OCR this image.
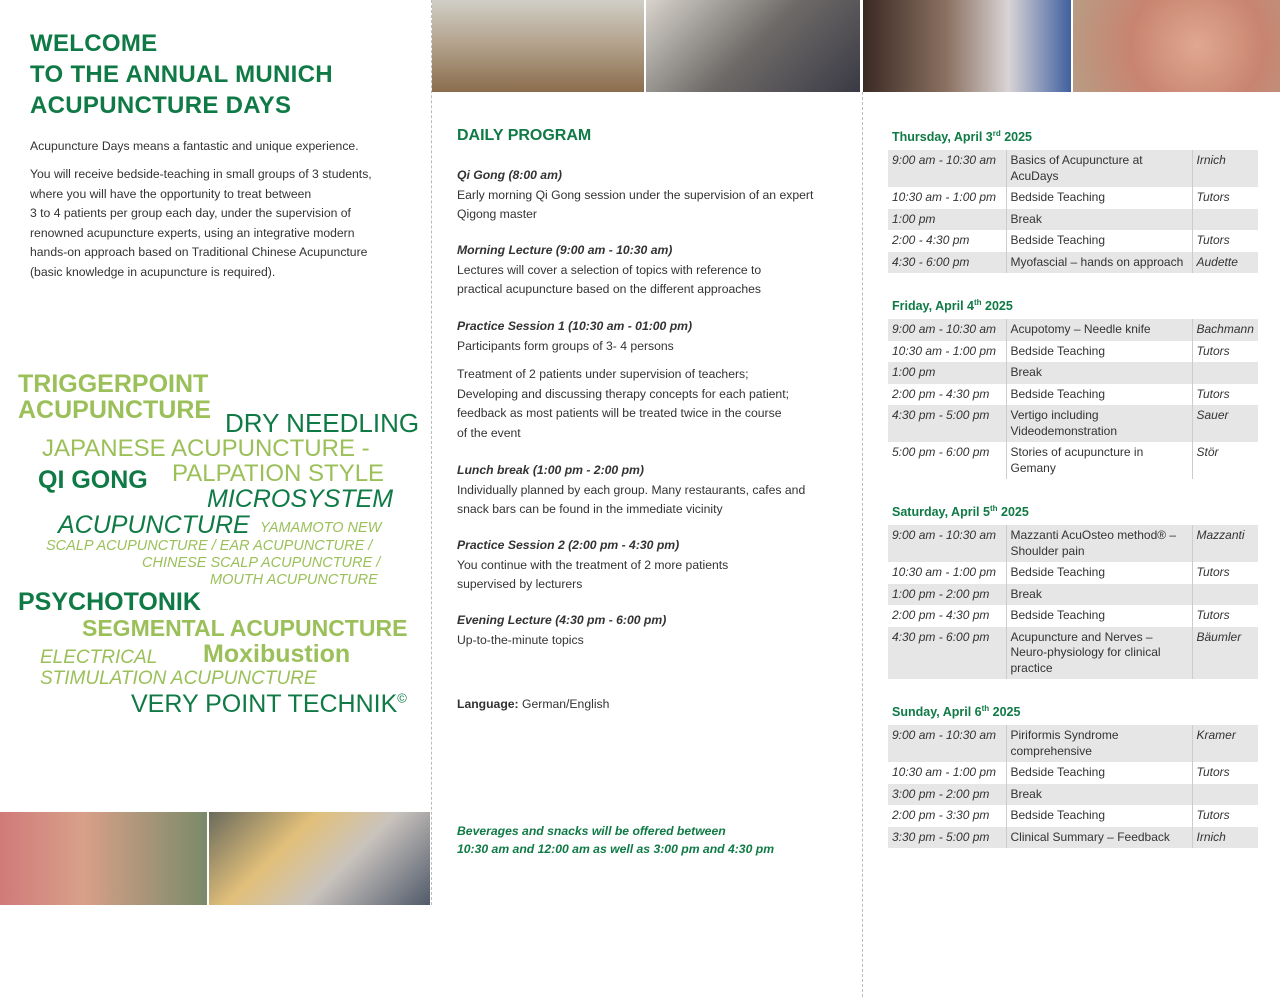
WELCOME
TO THE ANNUAL MUNICH
ACUPUNCTURE DAYS
Acupuncture Days means a fantastic and unique experience.
You will receive bedside-teaching in small groups of 3 students,
where you will have the opportunity to treat between
3 to 4 patients per group each day, under the supervision of
renowned acupuncture experts, using an integrative modern
hands-on approach based on Traditional Chinese Acupuncture
(basic knowledge in acupuncture is required).
TRIGGERPOINT
ACUPUNCTURE DRY NEEDLING
JAPANESE ACUPUNCTURE -
PALPATION STYLE
QI GONG
MICROSYSTEM
ACUPUNCTURE YAMAMOTO NEW
SCALP ACUPUNCTURE / EAR ACUPUNCTURE /
CHINESE SCALP ACUPUNCTURE /
MOUTH ACUPUNCTURE
PSYCHOTONIK
SEGMENTAL ACUPUNCTURE
Moxibustion
ELECTRICAL
STIMULATION ACUPUNCTURE
VERY POINT TECHNIK©
DAILY PROGRAM
Qi Gong (8:00 am)
Early morning Qi Gong session under the supervision of an expert
Qigong master
Morning Lecture (9:00 am - 10:30 am)
Lectures will cover a selection of topics with reference to
practical acupuncture based on the different approaches
Practice Session 1 (10:30 am - 01:00 pm)
Participants form groups of 3- 4 persons
Treatment of 2 patients under supervision of teachers;
Developing and discussing therapy concepts for each patient;
feedback as most patients will be treated twice in the course
of the event
Lunch break (1:00 pm - 2:00 pm)
Individually planned by each group. Many restaurants, cafes and
snack bars can be found in the immediate vicinity
Practice Session 2 (2:00 pm - 4:30 pm)
You continue with the treatment of 2 more patients
supervised by lecturers
Evening Lecture (4:30 pm - 6:00 pm)
Up-to-the-minute topics
Language: German/English
Beverages and snacks will be offered between
10:30 am and 12:00 am as well as 3:00 pm and 4:30 pm
Thursday, April 3rd 2025
9:00 am - 10:30 am	Basics of Acupuncture at AcuDays	Irnich
10:30 am - 1:00 pm	Bedside Teaching	Tutors
1:00 pm	Break	
2:00 - 4:30 pm	Bedside Teaching	Tutors
4:30 - 6:00 pm	Myofascial – hands on approach	Audette
Friday, April 4th 2025
9:00 am - 10:30 am	Acupotomy – Needle knife	Bachmann
10:30 am - 1:00 pm	Bedside Teaching	Tutors
1:00 pm	Break	
2:00 pm - 4:30 pm	Bedside Teaching	Tutors
4:30 pm - 5:00 pm	Vertigo including Videodemonstration	Sauer
5:00 pm - 6:00 pm	Stories of acupuncture in Gemany	Stör
Saturday, April 5th 2025
9:00 am - 10:30 am	Mazzanti AcuOsteo method® – Shoulder pain	Mazzanti
10:30 am - 1:00 pm	Bedside Teaching	Tutors
1:00 pm - 2:00 pm	Break	
2:00 pm - 4:30 pm	Bedside Teaching	Tutors
4:30 pm - 6:00 pm	Acupuncture and Nerves – Neuro-physiology for clinical practice	Bäumler
Sunday, April 6th 2025
9:00 am - 10:30 am	Piriformis Syndrome comprehensive	Kramer
10:30 am - 1:00 pm	Bedside Teaching	Tutors
3:00 pm - 2:00 pm	Break	
2:00 pm - 3:30 pm	Bedside Teaching	Tutors
3:30 pm - 5:00 pm	Clinical Summary – Feedback	Irnich
